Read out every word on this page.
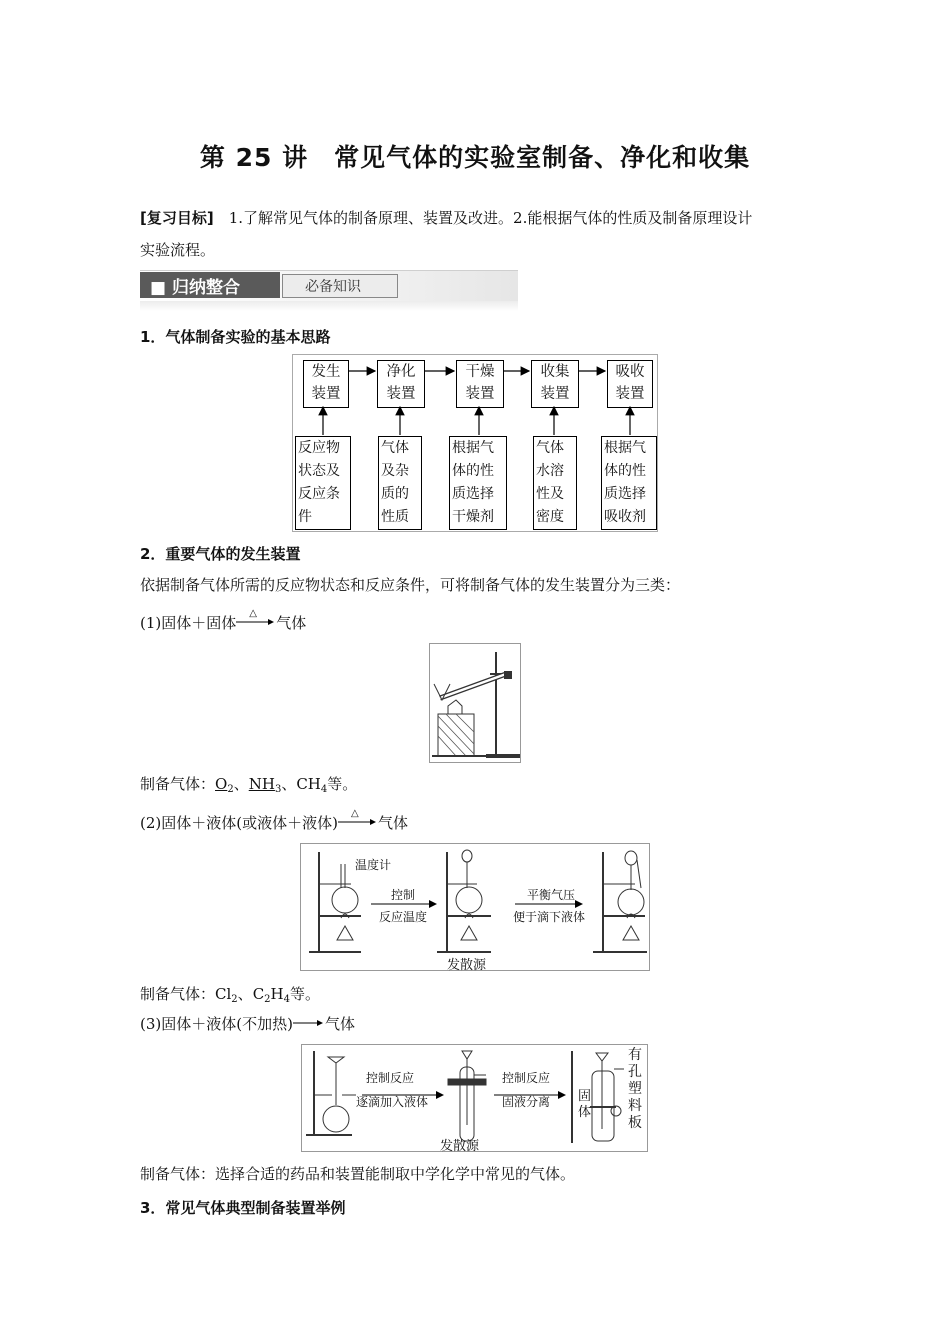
第 25 讲　常见气体的实验室制备、净化和收集
[复习目标]　1.了解常见气体的制备原理、装置及改进。2.能根据气体的性质及制备原理设计
实验流程。
■ 归纳整合	必备知识
1．气体制备实验的基本思路
发生
装置
净化
装置
干燥
装置
收集
装置
吸收
装置
反应物
状态及
反应条
件
气体
及杂
质的
性质
根据气
体的性
质选择
干燥剂
气体
水溶
性及
密度
根据气
体的性
质选择
吸收剂
2．重要气体的发生装置
依据制备气体所需的反应物状态和反应条件，可将制备气体的发生装置分为三类：
(1)固体＋固体
△
气体
制备气体：$O_2$、$NH_3$、$CH_4$等。
(2)固体＋液体(或液体＋液体)
△
气体
温度计
控制
反应温度
平衡气压
便于滴下液体
发散源
制备气体：$Cl_2$、$C_2H_4$等。
(3)固体＋液体(不加热) 气体
控制反应
逐滴加入液体
控制反应
固液分离 固体
有孔塑料板
发散源
制备气体：选择合适的药品和装置能制取中学化学中常见的气体。
3．常见气体典型制备装置举例
